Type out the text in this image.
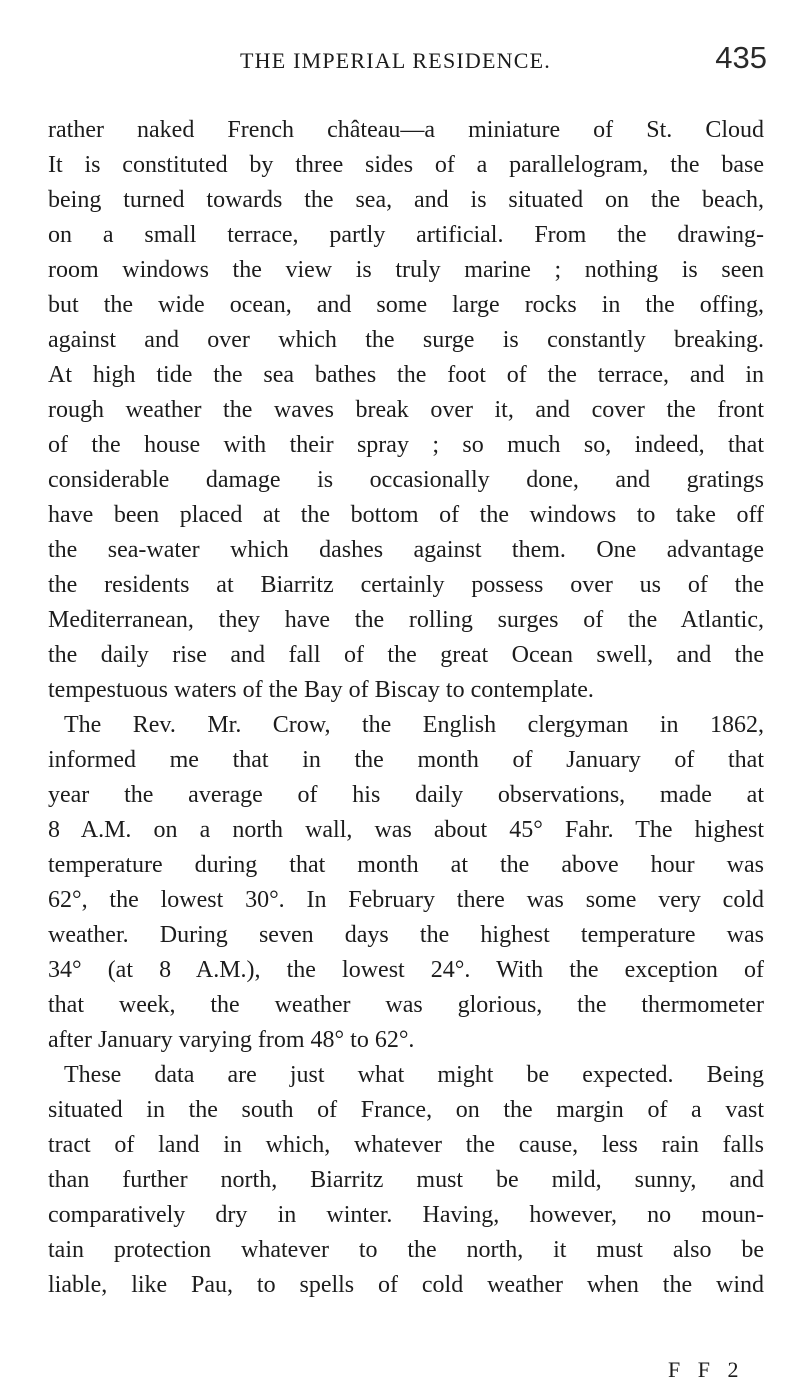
THE IMPERIAL RESIDENCE.	435
rather naked French château—a miniature of St. Cloud
It is constituted by three sides of a parallelogram, the base
being turned towards the sea, and is situated on the beach,
on a small terrace, partly artificial. From the drawing-
room windows the view is truly marine ; nothing is seen
but the wide ocean, and some large rocks in the offing,
against and over which the surge is constantly breaking.
At high tide the sea bathes the foot of the terrace, and in
rough weather the waves break over it, and cover the front
of the house with their spray ; so much so, indeed, that
considerable damage is occasionally done, and gratings
have been placed at the bottom of the windows to take off
the sea-water which dashes against them. One advantage
the residents at Biarritz certainly possess over us of the
Mediterranean, they have the rolling surges of the Atlantic,
the daily rise and fall of the great Ocean swell, and the
tempestuous waters of the Bay of Biscay to contemplate.
The Rev. Mr. Crow, the English clergyman in 1862,
informed me that in the month of January of that
year the average of his daily observations, made at
8 A.M. on a north wall, was about 45° Fahr. The highest
temperature during that month at the above hour was
62°, the lowest 30°. In February there was some very cold
weather. During seven days the highest temperature was
34° (at 8 A.M.), the lowest 24°. With the exception of
that week, the weather was glorious, the thermometer
after January varying from 48° to 62°.
These data are just what might be expected. Being
situated in the south of France, on the margin of a vast
tract of land in which, whatever the cause, less rain falls
than further north, Biarritz must be mild, sunny, and
comparatively dry in winter. Having, however, no moun-
tain protection whatever to the north, it must also be
liable, like Pau, to spells of cold weather when the wind
F F 2
